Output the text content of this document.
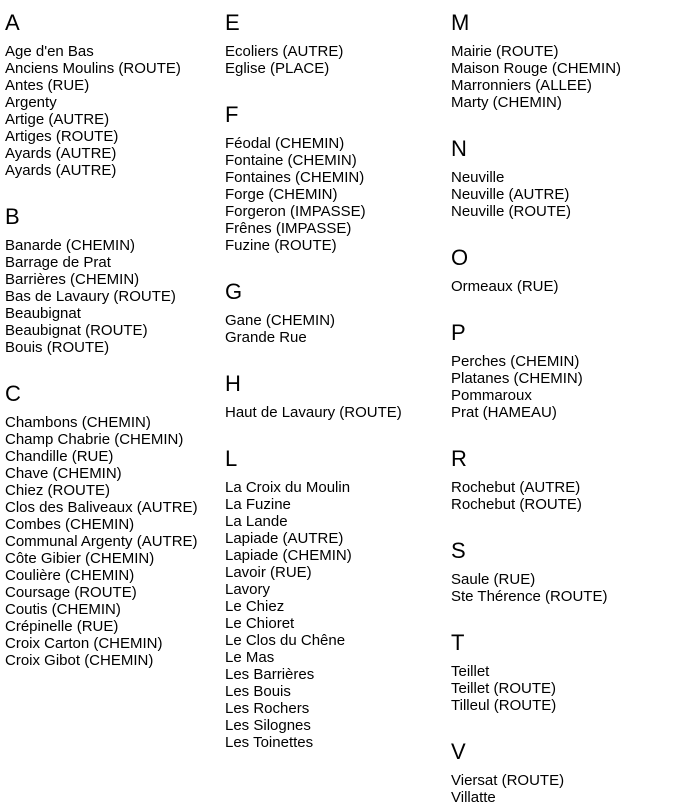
A
Age d'en Bas
Anciens Moulins (ROUTE)
Antes (RUE)
Argenty
Artige (AUTRE)
Artiges (ROUTE)
Ayards (AUTRE)
Ayards (AUTRE)
B
Banarde (CHEMIN)
Barrage de Prat
Barrières (CHEMIN)
Bas de Lavaury (ROUTE)
Beaubignat
Beaubignat (ROUTE)
Bouis (ROUTE)
C
Chambons (CHEMIN)
Champ Chabrie (CHEMIN)
Chandille (RUE)
Chave (CHEMIN)
Chiez (ROUTE)
Clos des Baliveaux (AUTRE)
Combes (CHEMIN)
Communal Argenty (AUTRE)
Côte Gibier (CHEMIN)
Coulière (CHEMIN)
Coursage (ROUTE)
Coutis (CHEMIN)
Crépinelle (RUE)
Croix Carton (CHEMIN)
Croix Gibot (CHEMIN)
E
Ecoliers (AUTRE)
Eglise (PLACE)
F
Féodal (CHEMIN)
Fontaine (CHEMIN)
Fontaines (CHEMIN)
Forge (CHEMIN)
Forgeron (IMPASSE)
Frênes (IMPASSE)
Fuzine (ROUTE)
G
Gane (CHEMIN)
Grande Rue
H
Haut de Lavaury (ROUTE)
L
La Croix du Moulin
La Fuzine
La Lande
Lapiade (AUTRE)
Lapiade (CHEMIN)
Lavoir (RUE)
Lavory
Le Chiez
Le Chioret
Le Clos du Chêne
Le Mas
Les Barrières
Les Bouis
Les Rochers
Les Silognes
Les Toinettes
M
Mairie (ROUTE)
Maison Rouge (CHEMIN)
Marronniers (ALLEE)
Marty (CHEMIN)
N
Neuville
Neuville (AUTRE)
Neuville (ROUTE)
O
Ormeaux (RUE)
P
Perches (CHEMIN)
Platanes (CHEMIN)
Pommaroux
Prat (HAMEAU)
R
Rochebut (AUTRE)
Rochebut (ROUTE)
S
Saule (RUE)
Ste Thérence (ROUTE)
T
Teillet
Teillet (ROUTE)
Tilleul (ROUTE)
V
Viersat (ROUTE)
Villatte
